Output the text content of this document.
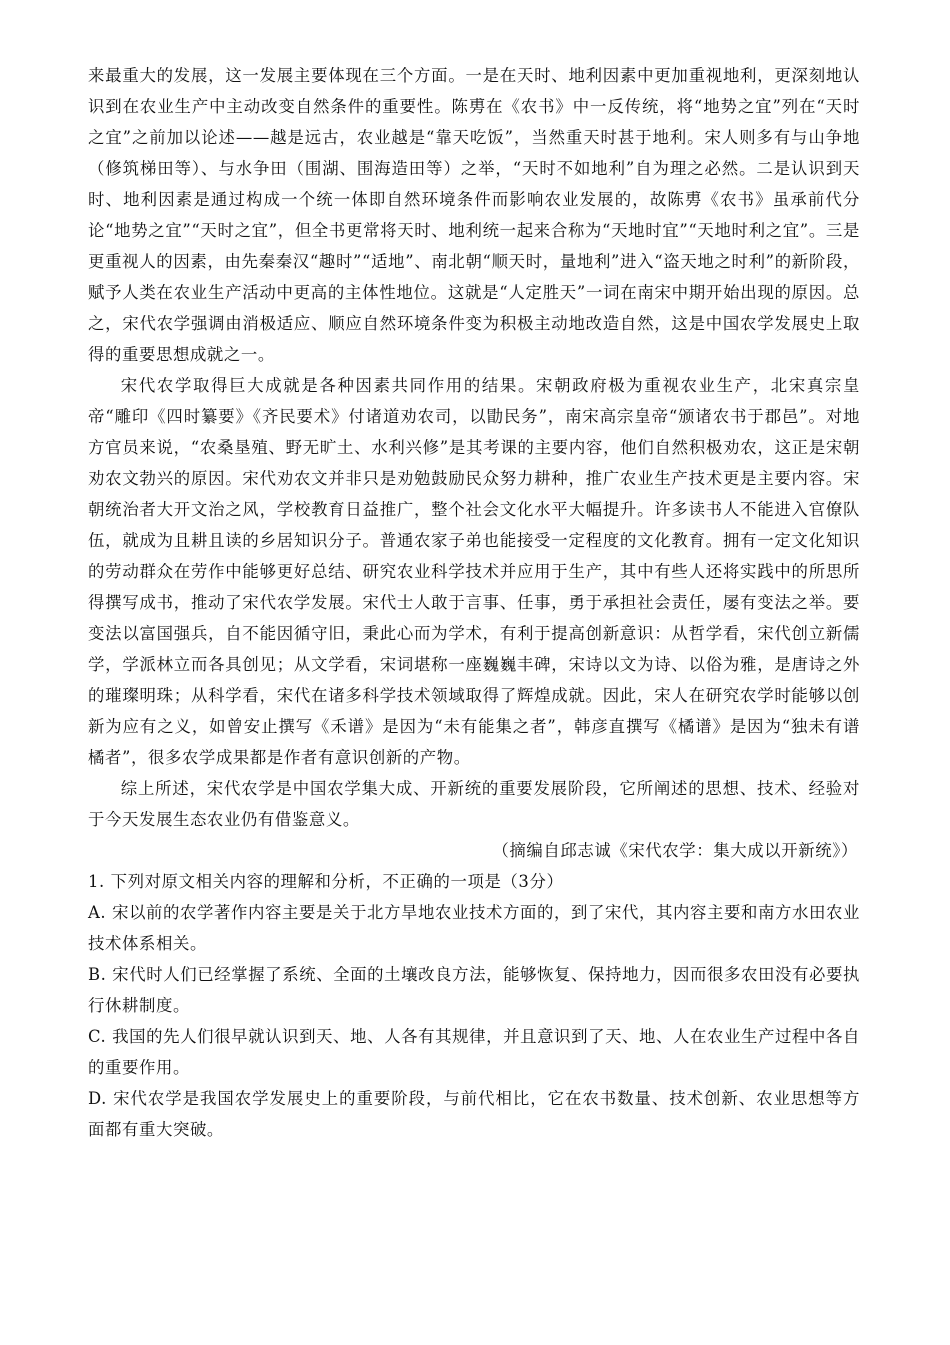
来最重大的发展，这一发展主要体现在三个方面。一是在天时、地利因素中更加重视地利，更深刻地认识到在农业生产中主动改变自然条件的重要性。陈旉在《农书》中一反传统，将“地势之宜”列在“天时之宜”之前加以论述——越是远古，农业越是“靠天吃饭”，当然重天时甚于地利。宋人则多有与山争地（修筑梯田等）、与水争田（围湖、围海造田等）之举，“天时不如地利”自为理之必然。二是认识到天时、地利因素是通过构成一个统一体即自然环境条件而影响农业发展的，故陈旉《农书》虽承前代分论“地势之宜”“天时之宜”，但全书更常将天时、地利统一起来合称为“天地时宜”“天地时利之宜”。三是更重视人的因素，由先秦秦汉“趣时”“适地”、南北朝“顺天时，量地利”进入“盗天地之时利”的新阶段，赋予人类在农业生产活动中更高的主体性地位。这就是“人定胜天”一词在南宋中期开始出现的原因。总之，宋代农学强调由消极适应、顺应自然环境条件变为积极主动地改造自然，这是中国农学发展史上取得的重要思想成就之一。

宋代农学取得巨大成就是各种因素共同作用的结果。宋朝政府极为重视农业生产，北宋真宗皇帝“雕印《四时纂要》《齐民要术》付诸道劝农司，以勖民务”，南宋高宗皇帝“颁诸农书于郡邑”。对地方官员来说，“农桑垦殖、野无旷土、水利兴修”是其考课的主要内容，他们自然积极劝农，这正是宋朝劝农文勃兴的原因。宋代劝农文并非只是劝勉鼓励民众努力耕种，推广农业生产技术更是主要内容。宋朝统治者大开文治之风，学校教育日益推广，整个社会文化水平大幅提升。许多读书人不能进入官僚队伍，就成为且耕且读的乡居知识分子。普通农家子弟也能接受一定程度的文化教育。拥有一定文化知识的劳动群众在劳作中能够更好总结、研究农业科学技术并应用于生产，其中有些人还将实践中的所思所得撰写成书，推动了宋代农学发展。宋代士人敢于言事、任事，勇于承担社会责任，屡有变法之举。要变法以富国强兵，自不能因循守旧，秉此心而为学术，有利于提高创新意识：从哲学看，宋代创立新儒学，学派林立而各具创见；从文学看，宋词堪称一座巍巍丰碑，宋诗以文为诗、以俗为雅，是唐诗之外的璀璨明珠；从科学看，宋代在诸多科学技术领域取得了辉煌成就。因此，宋人在研究农学时能够以创新为应有之义，如曾安止撰写《禾谱》是因为“未有能集之者”，韩彦直撰写《橘谱》是因为“独未有谱橘者”，很多农学成果都是作者有意识创新的产物。

综上所述，宋代农学是中国农学集大成、开新统的重要发展阶段，它所阐述的思想、技术、经验对于今天发展生态农业仍有借鉴意义。

（摘编自邱志诚《宋代农学：集大成以开新统》）

1. 下列对原文相关内容的理解和分析，不正确的一项是（3分）

A. 宋以前的农学著作内容主要是关于北方旱地农业技术方面的，到了宋代，其内容主要和南方水田农业技术体系相关。

B. 宋代时人们已经掌握了系统、全面的土壤改良方法，能够恢复、保持地力，因而很多农田没有必要执行休耕制度。

C. 我国的先人们很早就认识到天、地、人各有其规律，并且意识到了天、地、人在农业生产过程中各自的重要作用。

D. 宋代农学是我国农学发展史上的重要阶段，与前代相比，它在农书数量、技术创新、农业思想等方面都有重大突破。
